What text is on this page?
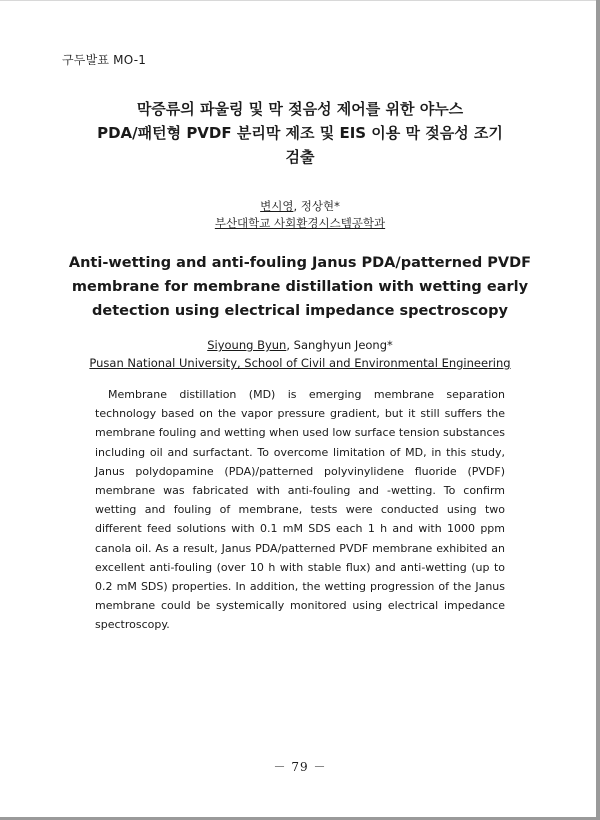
구두발표 MO-1
막증류의 파울링 및 막 젖음성 제어를 위한 야누스
PDA/패턴형 PVDF 분리막 제조 및 EIS 이용 막 젖음성 조기
검출
변시영, 정상현*
부산대학교 사회환경시스템공학과
Anti-wetting and anti-fouling Janus PDA/patterned PVDF
membrane for membrane distillation with wetting early
detection using electrical impedance spectroscopy
Siyoung Byun, Sanghyun Jeong*
Pusan National University, School of Civil and Environmental Engineering

Membrane distillation (MD) is emerging membrane separation technology based on the vapor pressure gradient, but it still suffers the membrane fouling and wetting when used low surface tension substances including oil and surfactant. To overcome limitation of MD, in this study, Janus polydopamine (PDA)/patterned polyvinylidene fluoride (PVDF) membrane was fabricated with anti-fouling and -wetting. To confirm wetting and fouling of membrane, tests were conducted using two different feed solutions with 0.1 mM SDS each 1 h and with 1000 ppm canola oil. As a result, Janus PDA/patterned PVDF membrane exhibited an excellent anti-fouling (over 10 h with stable flux) and anti-wetting (up to 0.2 mM SDS) properties. In addition, the wetting progression of the Janus membrane could be systemically monitored using electrical impedance spectroscopy.

－ 79 －
